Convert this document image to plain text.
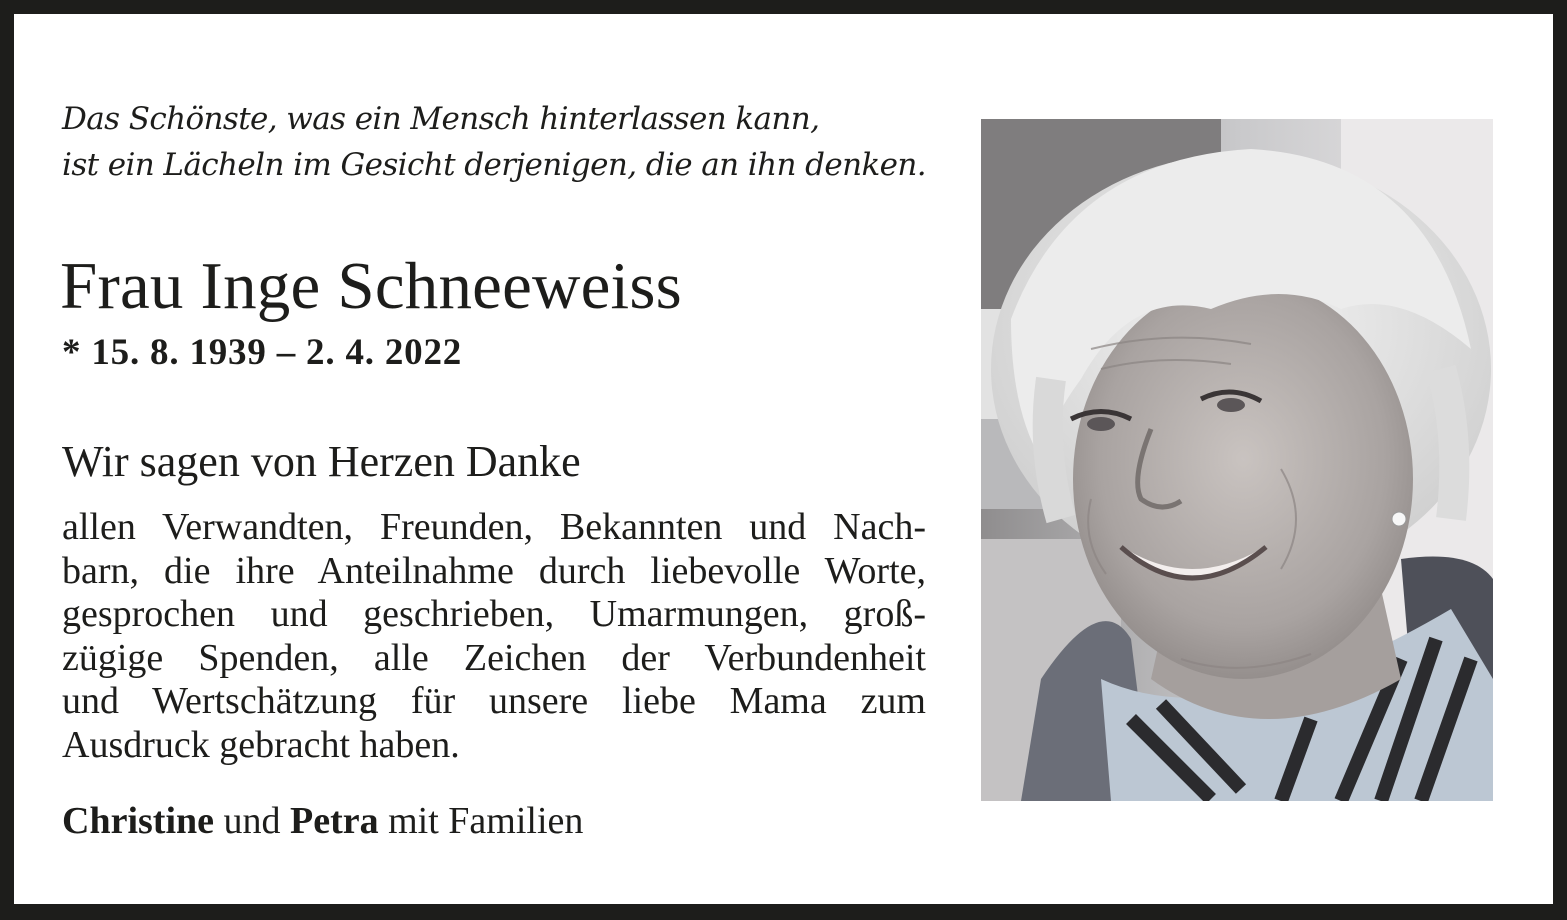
Das Schönste, was ein Mensch hinterlassen kann,
ist ein Lächeln im Gesicht derjenigen, die an ihn denken.
Frau Inge Schneeweiss
* 15. 8. 1939 – 2. 4. 2022
Wir sagen von Herzen Danke
allen Verwandten, Freunden, Bekannten und Nach-
barn, die ihre Anteilnahme durch liebevolle Worte,
gesprochen und geschrieben, Umarmungen, groß-
zügige Spenden, alle Zeichen der Verbundenheit
und Wertschätzung für unsere liebe Mama zum
Ausdruck gebracht haben.
Christine und Petra mit Familien
